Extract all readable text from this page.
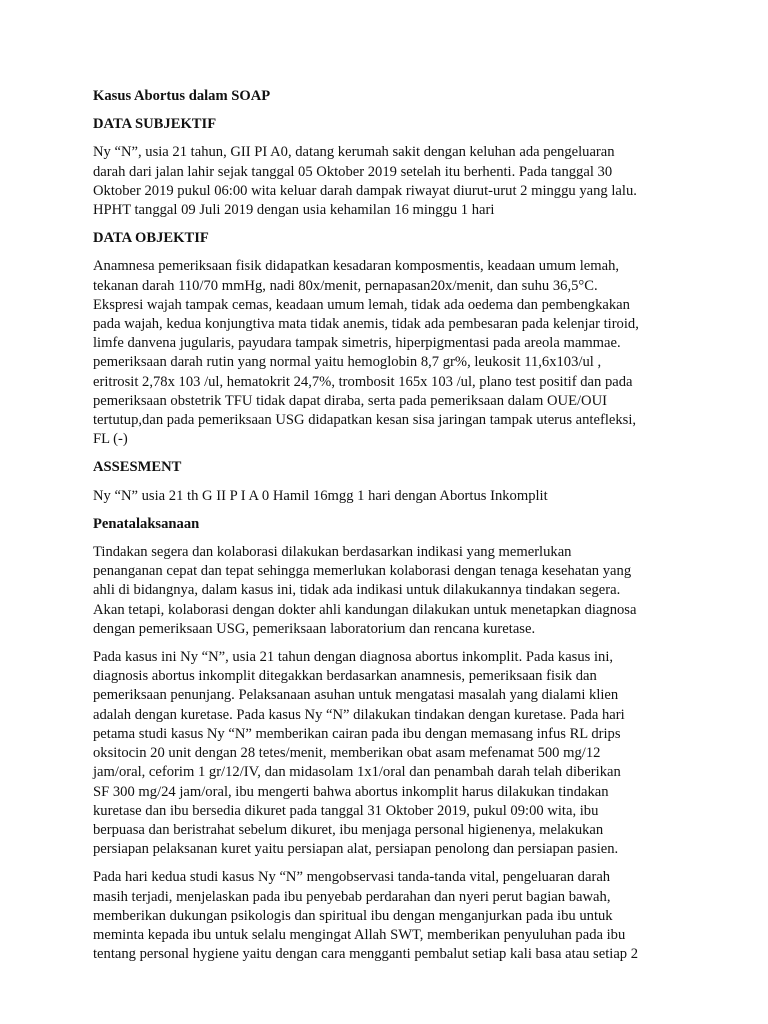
Kasus Abortus dalam SOAP
DATA SUBJEKTIF
Ny “N”, usia 21 tahun, GII PI A0, datang kerumah sakit dengan keluhan ada pengeluaran
darah dari jalan lahir sejak tanggal 05 Oktober 2019 setelah itu berhenti. Pada tanggal 30
Oktober 2019 pukul 06:00 wita keluar darah dampak riwayat diurut-urut 2 minggu yang lalu.
HPHT tanggal 09 Juli 2019 dengan usia kehamilan 16 minggu 1 hari
DATA OBJEKTIF
Anamnesa pemeriksaan fisik didapatkan kesadaran komposmentis, keadaan umum lemah,
tekanan darah 110/70 mmHg, nadi 80x/menit, pernapasan20x/menit, dan suhu 36,5°C.
Ekspresi wajah tampak cemas, keadaan umum lemah, tidak ada oedema dan pembengkakan
pada wajah, kedua konjungtiva mata tidak anemis, tidak ada pembesaran pada kelenjar tiroid,
limfe danvena jugularis, payudara tampak simetris, hiperpigmentasi pada areola mammae.
pemeriksaan darah rutin yang normal yaitu hemoglobin 8,7 gr%, leukosit 11,6x103/ul ,
eritrosit 2,78x 103 /ul, hematokrit 24,7%, trombosit 165x 103 /ul, plano test positif dan pada
pemeriksaan obstetrik TFU tidak dapat diraba, serta pada pemeriksaan dalam OUE/OUI
tertutup,dan pada pemeriksaan USG didapatkan kesan sisa jaringan tampak uterus antefleksi,
FL (-)
ASSESMENT
Ny “N” usia 21 th G II P I A 0 Hamil 16mgg 1 hari dengan Abortus Inkomplit
Penatalaksanaan
Tindakan segera dan kolaborasi dilakukan berdasarkan indikasi yang memerlukan
penanganan cepat dan tepat sehingga memerlukan kolaborasi dengan tenaga kesehatan yang
ahli di bidangnya, dalam kasus ini, tidak ada indikasi untuk dilakukannya tindakan segera.
Akan tetapi, kolaborasi dengan dokter ahli kandungan dilakukan untuk menetapkan diagnosa
dengan pemeriksaan USG, pemeriksaan laboratorium dan rencana kuretase.
Pada kasus ini Ny “N”, usia 21 tahun dengan diagnosa abortus inkomplit. Pada kasus ini,
diagnosis abortus inkomplit ditegakkan berdasarkan anamnesis, pemeriksaan fisik dan
pemeriksaan penunjang. Pelaksanaan asuhan untuk mengatasi masalah yang dialami klien
adalah dengan kuretase. Pada kasus Ny “N” dilakukan tindakan dengan kuretase. Pada hari
petama studi kasus Ny “N” memberikan cairan pada ibu dengan memasang infus RL drips
oksitocin 20 unit dengan 28 tetes/menit, memberikan obat asam mefenamat 500 mg/12
jam/oral, ceforim 1 gr/12/IV, dan midasolam 1x1/oral dan penambah darah telah diberikan
SF 300 mg/24 jam/oral, ibu mengerti bahwa abortus inkomplit harus dilakukan tindakan
kuretase dan ibu bersedia dikuret pada tanggal 31 Oktober 2019, pukul 09:00 wita, ibu
berpuasa dan beristrahat sebelum dikuret, ibu menjaga personal higienenya, melakukan
persiapan pelaksanan kuret yaitu persiapan alat, persiapan penolong dan persiapan pasien.
Pada hari kedua studi kasus Ny “N” mengobservasi tanda-tanda vital, pengeluaran darah
masih terjadi, menjelaskan pada ibu penyebab perdarahan dan nyeri perut bagian bawah,
memberikan dukungan psikologis dan spiritual ibu dengan menganjurkan pada ibu untuk
meminta kepada ibu untuk selalu mengingat Allah SWT, memberikan penyuluhan pada ibu
tentang personal hygiene yaitu dengan cara mengganti pembalut setiap kali basa atau setiap 2
